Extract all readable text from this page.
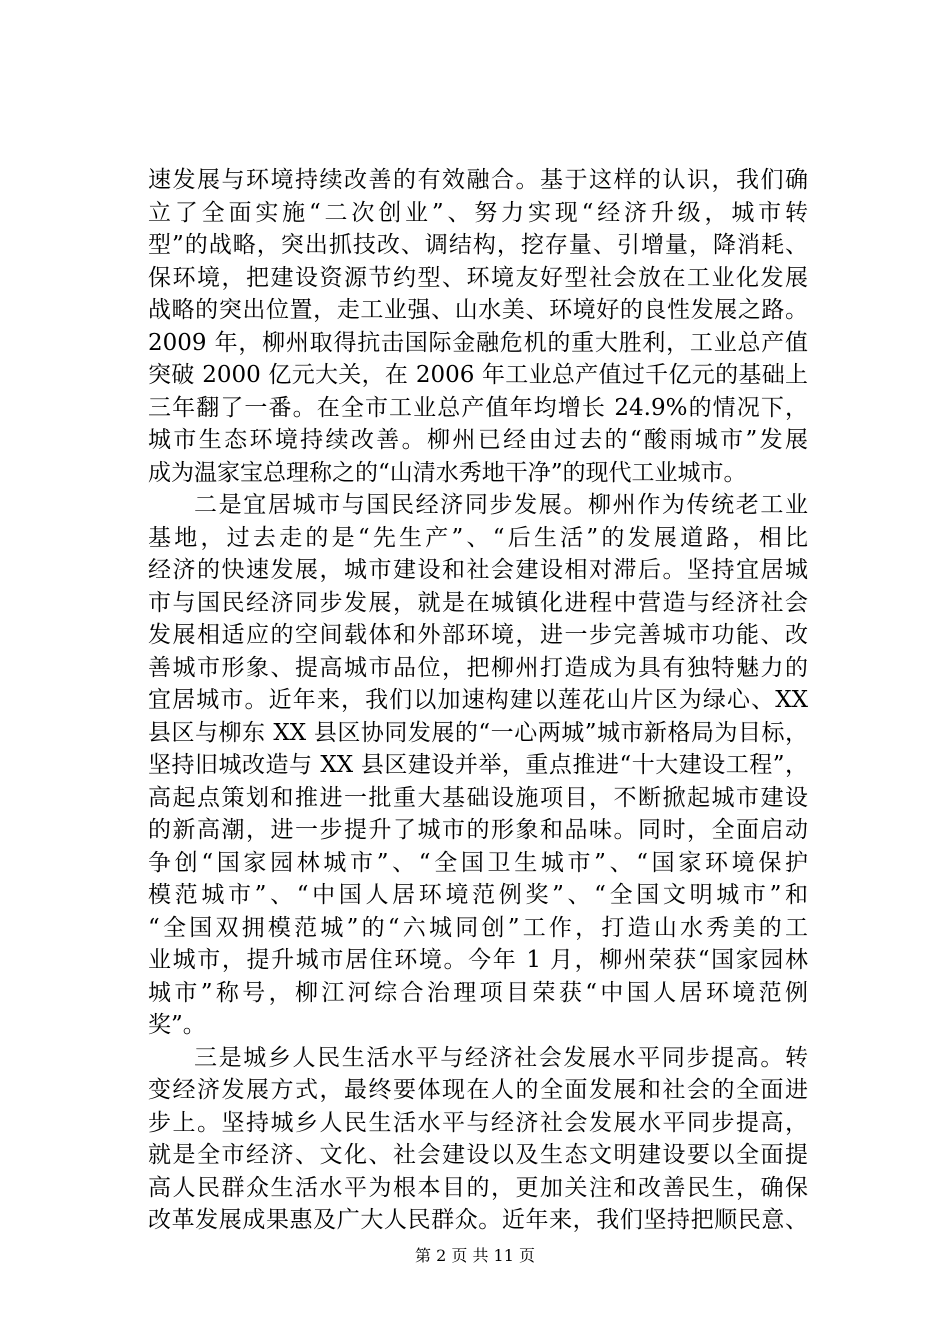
速发展与环境持续改善的有效融合。基于这样的认识，我们确
立了全面实施“二次创业”、努力实现“经济升级，城市转
型”的战略，突出抓技改、调结构，挖存量、引增量，降消耗、
保环境，把建设资源节约型、环境友好型社会放在工业化发展
战略的突出位置，走工业强、山水美、环境好的良性发展之路。
2009 年，柳州取得抗击国际金融危机的重大胜利，工业总产值
突破 2000 亿元大关，在 2006 年工业总产值过千亿元的基础上
三年翻了一番。在全市工业总产值年均增长 24.9%的情况下，
城市生态环境持续改善。柳州已经由过去的“酸雨城市”发展
成为温家宝总理称之的“山清水秀地干净”的现代工业城市。
二是宜居城市与国民经济同步发展。柳州作为传统老工业
基地，过去走的是“先生产”、“后生活”的发展道路，相比
经济的快速发展，城市建设和社会建设相对滞后。坚持宜居城
市与国民经济同步发展，就是在城镇化进程中营造与经济社会
发展相适应的空间载体和外部环境，进一步完善城市功能、改
善城市形象、提高城市品位，把柳州打造成为具有独特魅力的
宜居城市。近年来，我们以加速构建以莲花山片区为绿心、XX
县区与柳东 XX 县区协同发展的“一心两城”城市新格局为目标，
坚持旧城改造与 XX 县区建设并举，重点推进“十大建设工程”，
高起点策划和推进一批重大基础设施项目，不断掀起城市建设
的新高潮，进一步提升了城市的形象和品味。同时，全面启动
争创“国家园林城市”、“全国卫生城市”、“国家环境保护
模范城市”、“中国人居环境范例奖”、“全国文明城市”和
“全国双拥模范城”的“六城同创”工作，打造山水秀美的工
业城市，提升城市居住环境。今年 1 月，柳州荣获“国家园林
城市”称号，柳江河综合治理项目荣获“中国人居环境范例
奖”。
三是城乡人民生活水平与经济社会发展水平同步提高。转
变经济发展方式，最终要体现在人的全面发展和社会的全面进
步上。坚持城乡人民生活水平与经济社会发展水平同步提高，
就是全市经济、文化、社会建设以及生态文明建设要以全面提
高人民群众生活水平为根本目的，更加关注和改善民生，确保
改革发展成果惠及广大人民群众。近年来，我们坚持把顺民意、
第 2 页 共 11 页
